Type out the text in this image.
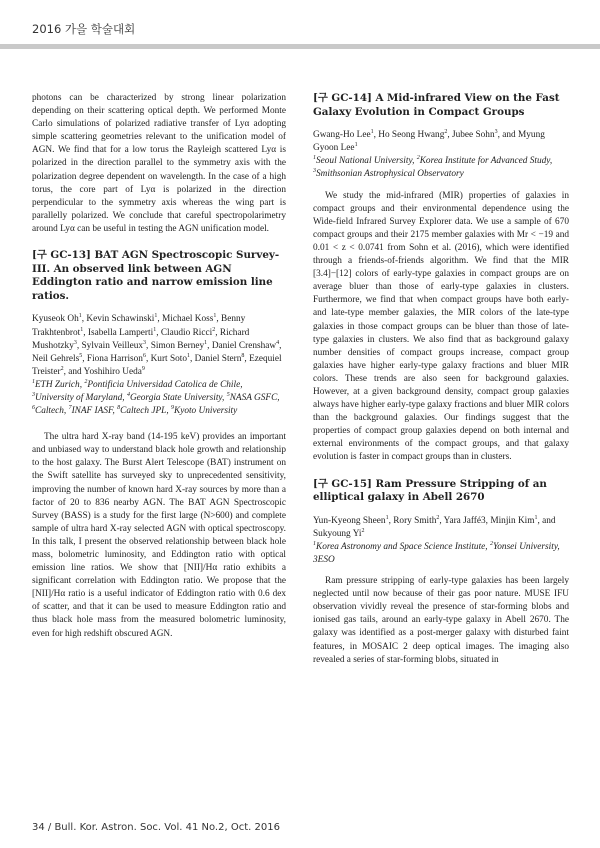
2016 가을 학술대회

photons can be characterized by strong linear polarization depending on their scattering optical depth. We performed Monte Carlo simulations of polarized radiative transfer of Lyα adopting simple scattering geometries relevant to the unification model of AGN. We find that for a low torus the Rayleigh scattered Lyα is polarized in the direction parallel to the symmetry axis with the polarization degree dependent on wavelength. In the case of a high torus, the core part of Lyα is polarized in the direction perpendicular to the symmetry axis whereas the wing part is parallelly polarized. We conclude that careful spectropolarimetry around Lyα can be useful in testing the AGN unification model.

[구 GC-13] BAT AGN Spectroscopic Survey-III. An observed link between AGN Eddington ratio and narrow emission line ratios.

Kyuseok Oh$^1$, Kevin Schawinski$^1$, Michael Koss$^1$, Benny Trakhtenbrot$^1$, Isabella Lamperti$^1$, Claudio Ricci$^2$, Richard Mushotzky$^3$, Sylvain Veilleux$^3$, Simon Berney$^1$, Daniel Crenshaw$^4$, Neil Gehrels$^5$, Fiona Harrison$^6$, Kurt Soto$^1$, Daniel Stern$^8$, Ezequiel Treister$^2$, and Yoshihiro Ueda$^9$

$^1$ETH Zurich, $^2$Pontificia Universidad Catolica de Chile, $^3$University of Maryland, $^4$Georgia State University, $^5$NASA GSFC, $^6$Caltech, $^7$INAF IASF, $^8$Caltech JPL, $^9$Kyoto University

The ultra hard X-ray band (14-195 keV) provides an important and unbiased way to understand black hole growth and relationship to the host galaxy. The Burst Alert Telescope (BAT) instrument on the Swift satellite has surveyed sky to unprecedented sensitivity, improving the number of known hard X-ray sources by more than a factor of 20 to 836 nearby AGN. The BAT AGN Spectroscopic Survey (BASS) is a study for the first large (N>600) and complete sample of ultra hard X-ray selected AGN with optical spectroscopy. In this talk, I present the observed relationship between black hole mass, bolometric luminosity, and Eddington ratio with optical emission line ratios. We show that [NII]/Hα ratio exhibits a significant correlation with Eddington ratio. We propose that the [NII]/Hα ratio is a useful indicator of Eddington ratio with 0.6 dex of scatter, and that it can be used to measure Eddington ratio and thus black hole mass from the measured bolometric luminosity, even for high redshift obscured AGN.

[구 GC-14] A Mid-infrared View on the Fast Galaxy Evolution in Compact Groups

Gwang-Ho Lee$^1$, Ho Seong Hwang$^2$, Jubee Sohn$^3$, and Myung Gyoon Lee$^1$

$^1$Seoul National University, $^2$Korea Institute for Advanced Study, $^3$Smithsonian Astrophysical Observatory

We study the mid-infrared (MIR) properties of galaxies in compact groups and their environmental dependence using the Wide-field Infrared Survey Explorer data. We use a sample of 670 compact groups and their 2175 member galaxies with Mr < −19 and 0.01 < z < 0.0741 from Sohn et al. (2016), which were identified through a friends-of-friends algorithm. We find that the MIR [3.4]−[12] colors of early-type galaxies in compact groups are on average bluer than those of early-type galaxies in clusters. Furthermore, we find that when compact groups have both early- and late-type member galaxies, the MIR colors of the late-type galaxies in those compact groups can be bluer than those of late-type galaxies in clusters. We also find that as background galaxy number densities of compact groups increase, compact group galaxies have higher early-type galaxy fractions and bluer MIR colors. These trends are also seen for background galaxies. However, at a given background density, compact group galaxies always have higher early-type galaxy fractions and bluer MIR colors than the background galaxies. Our findings suggest that the properties of compact group galaxies depend on both internal and external environments of the compact groups, and that galaxy evolution is faster in compact groups than in clusters.

[구 GC-15] Ram Pressure Stripping of an elliptical galaxy in Abell 2670

Yun-Kyeong Sheen$^1$, Rory Smith$^2$, Yara Jaffé3, Minjin Kim$^1$, and Sukyoung Yi$^2$

$^1$Korea Astronomy and Space Science Institute, $^2$Yonsei University, 3ESO

Ram pressure stripping of early-type galaxies has been largely neglected until now because of their gas poor nature. MUSE IFU observation vividly reveal the presence of star-forming blobs and ionised gas tails, around an early-type galaxy in Abell 2670. The galaxy was identified as a post-merger galaxy with disturbed faint features, in MOSAIC 2 deep optical images. The imaging also revealed a series of star-forming blobs, situated in

34 / Bull. Kor. Astron. Soc. Vol. 41 No.2, Oct. 2016
